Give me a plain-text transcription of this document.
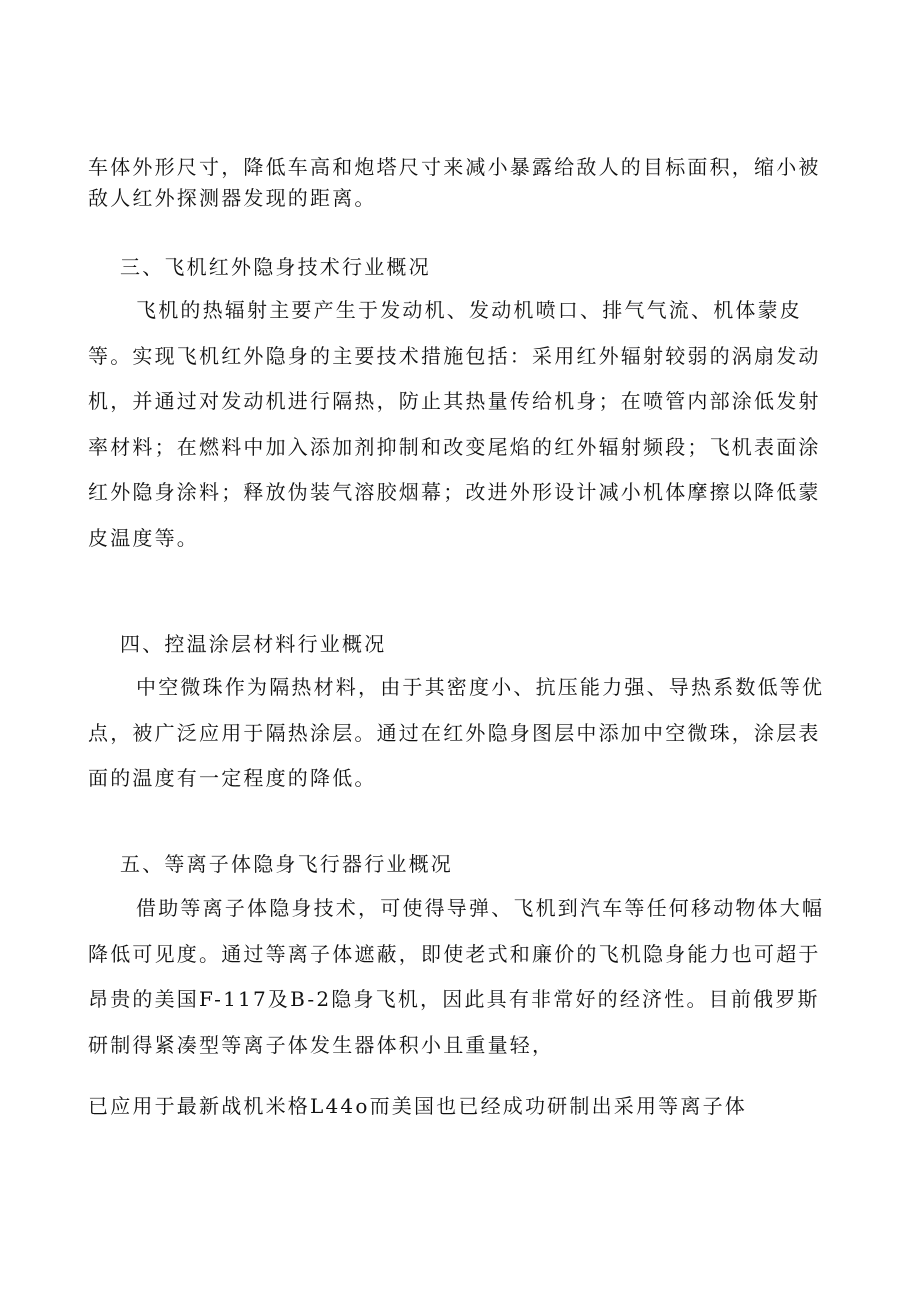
车体外形尺寸，降低车高和炮塔尺寸来减小暴露给敌人的目标面积，缩小被敌人红外探测器发现的距离。

三、飞机红外隐身技术行业概况

飞机的热辐射主要产生于发动机、发动机喷口、排气气流、机体蒙皮等。实现飞机红外隐身的主要技术措施包括：采用红外辐射较弱的涡扇发动机，并通过对发动机进行隔热，防止其热量传给机身；在喷管内部涂低发射率材料；在燃料中加入添加剂抑制和改变尾焰的红外辐射频段；飞机表面涂红外隐身涂料；释放伪装气溶胶烟幕；改进外形设计减小机体摩擦以降低蒙皮温度等。

四、控温涂层材料行业概况

中空微珠作为隔热材料，由于其密度小、抗压能力强、导热系数低等优点，被广泛应用于隔热涂层。通过在红外隐身图层中添加中空微珠，涂层表面的温度有一定程度的降低。

五、等离子体隐身飞行器行业概况

借助等离子体隐身技术，可使得导弹、飞机到汽车等任何移动物体大幅降低可见度。通过等离子体遮蔽，即使老式和廉价的飞机隐身能力也可超于昂贵的美国F-117及B-2隐身飞机，因此具有非常好的经济性。目前俄罗斯研制得紧凑型等离子体发生器体积小且重量轻，

已应用于最新战机米格L44o而美国也已经成功研制出采用等离子体
